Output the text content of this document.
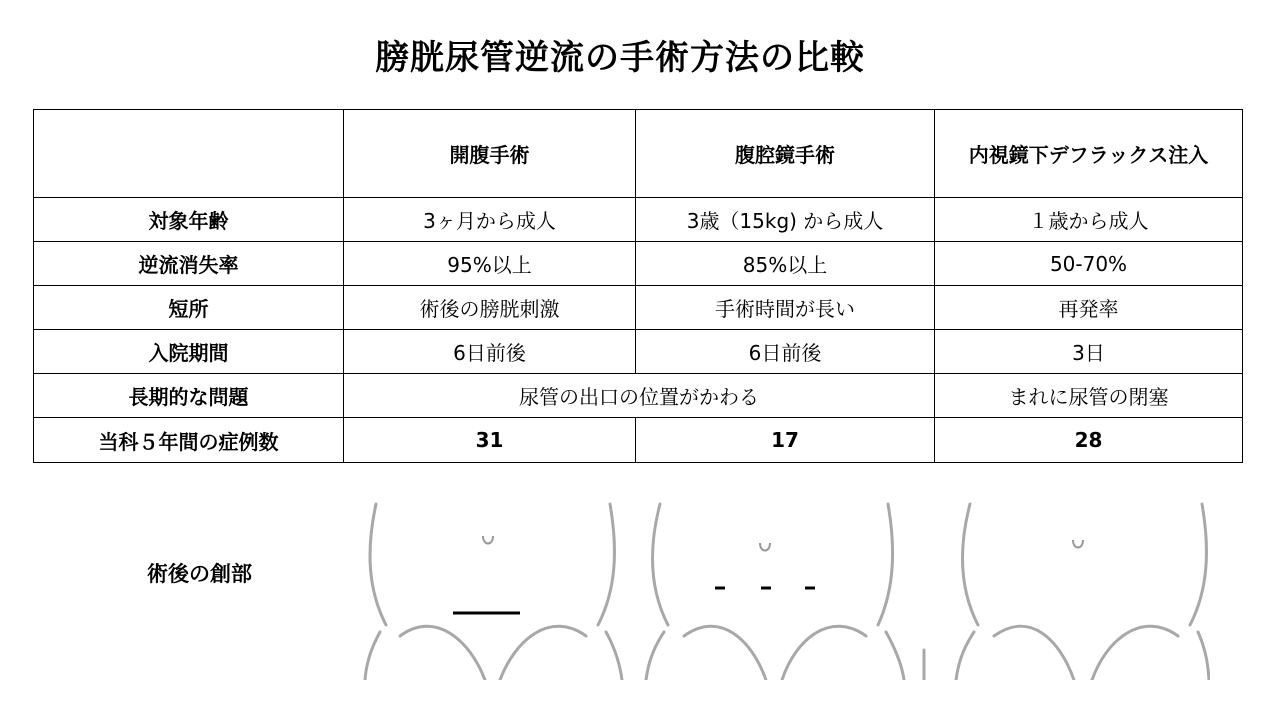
膀胱尿管逆流の手術方法の比較
	開腹手術	腹腔鏡手術	内視鏡下デフラックス注入
対象年齢	3ヶ月から成人	3歳（15kg) から成人	１歳から成人
逆流消失率	95%以上	85%以上	50-70%
短所	術後の膀胱刺激	手術時間が長い	再発率
入院期間	6日前後	6日前後	3日
長期的な問題	尿管の出口の位置がかわる		まれに尿管の閉塞
当科５年間の症例数	31	17	28
術後の創部
